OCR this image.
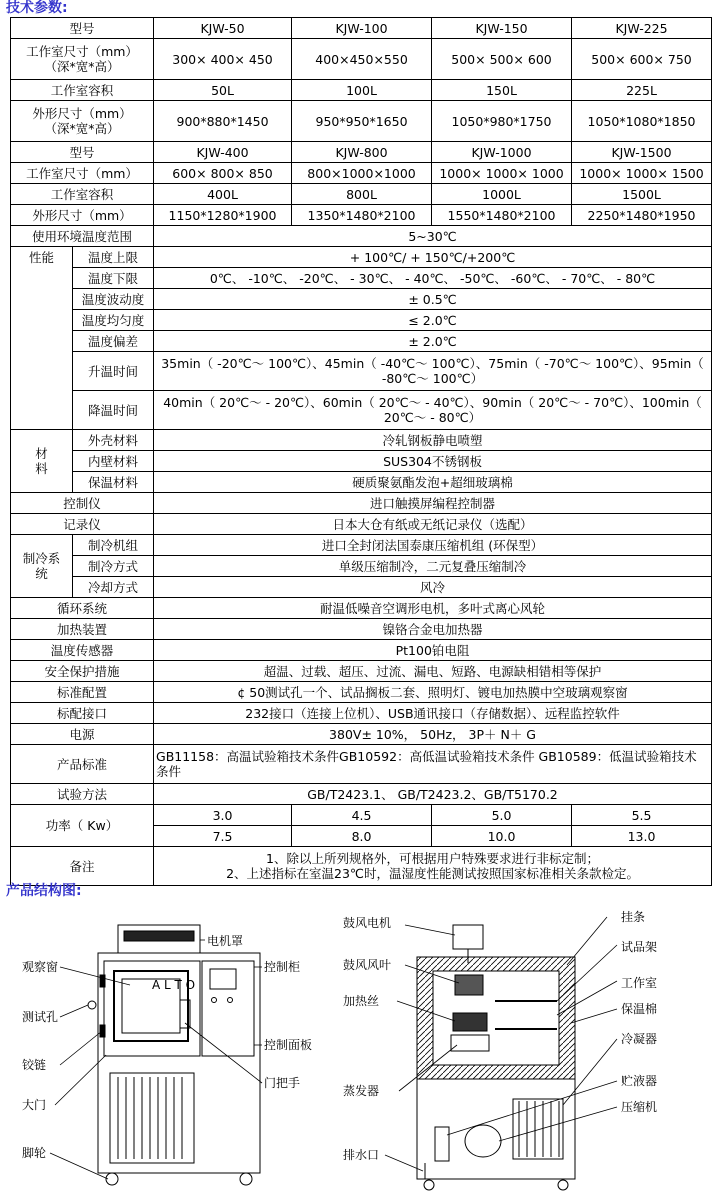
技术参数:
型号		KJW-50	KJW-100	KJW-150	KJW-225
工作室尺寸（mm）
（深*宽*高）		300× 400× 450	400×450×550	500× 500× 600	500× 600× 750
工作室容积		50L	100L	150L	225L
外形尺寸（mm）
（深*宽*高）		900*880*1450	950*950*1650	1050*980*1750	1050*1080*1850
型号		KJW-400	KJW-800	KJW-1000	KJW-1500
工作室尺寸（mm）		600× 800× 850	800×1000×1000	1000× 1000× 1000	1000× 1000× 1500
工作室容积		400L	800L	1000L	1500L
外形尺寸（mm）		1150*1280*1900	1350*1480*2100	1550*1480*2100	2250*1480*1950
使用环境温度范围		5~30℃			
性能	温度上限	+ 100℃/ + 150℃/+200℃			
	温度下限	0℃、 -10℃、 -20℃、 - 30℃、 - 40℃、 -50℃、 -60℃、 - 70℃、 - 80℃			
	温度波动度	± 0.5℃			
	温度均匀度	≤ 2.0℃			
	温度偏差	± 2.0℃			
	升温时间	35min（ -20℃～ 100℃）、45min（ -40℃～ 100℃）、75min（ -70℃～ 100℃）、95min（ -80℃～ 100℃）			
	降温时间	40min（ 20℃～ - 20℃）、60min（ 20℃～ - 40℃）、90min（ 20℃～ - 70℃）、100min（ 20℃～ - 80℃）			
材
料	外壳材料	冷轧钢板静电喷塑			
	内壁材料	SUS304不锈钢板			
	保温材料	硬质聚氨酯发泡+超细玻璃棉			
控制仪		进口触摸屏编程控制器			
记录仪		日本大仓有纸或无纸记录仪（选配）			
制冷系
统	制冷机组	进口全封闭法国泰康压缩机组 (环保型）			
	制冷方式	单级压缩制冷，二元复叠压缩制冷			
	冷却方式	风冷			
循环系统		耐温低噪音空调形电机，多叶式离心风轮			
加热装置		镍铬合金电加热器			
温度传感器		Pt100铂电阻			
安全保护措施		超温、过载、超压、过流、漏电、短路、电源缺相错相等保护			
标准配置		¢ 50测试孔一个、试品搁板二套、照明灯、镀电加热膜中空玻璃观察窗			
标配接口		232接口（连接上位机）、USB通讯接口（存储数据）、远程监控软件			
电源		380V± 10%， 50Hz， 3P＋ N＋ G			
产品标准		GB11158：高温试验箱技术条件GB10592：高低温试验箱技术条件 GB10589：低温试验箱技术条件			
试验方法		GB/T2423.1、 GB/T2423.2、GB/T5170.2			
功率（ Kw）		3.0	4.5	5.0	5.5
		7.5	8.0	10.0	13.0
备注		1、除以上所列规格外，可根据用户特殊要求进行非标定制；
2、上述指标在室温23℃时，温湿度性能测试按照国家标准相关条款检定。			
产品结构图:
A L T O
电机罩
控制柜
观察窗
测试孔
控制面板
铰链
门把手
大门
脚轮
鼓风电机	挂条
试品架
鼓风风叶
工作室
加热丝
保温棉
冷凝器
蒸发器
贮液器
压缩机
排水口
